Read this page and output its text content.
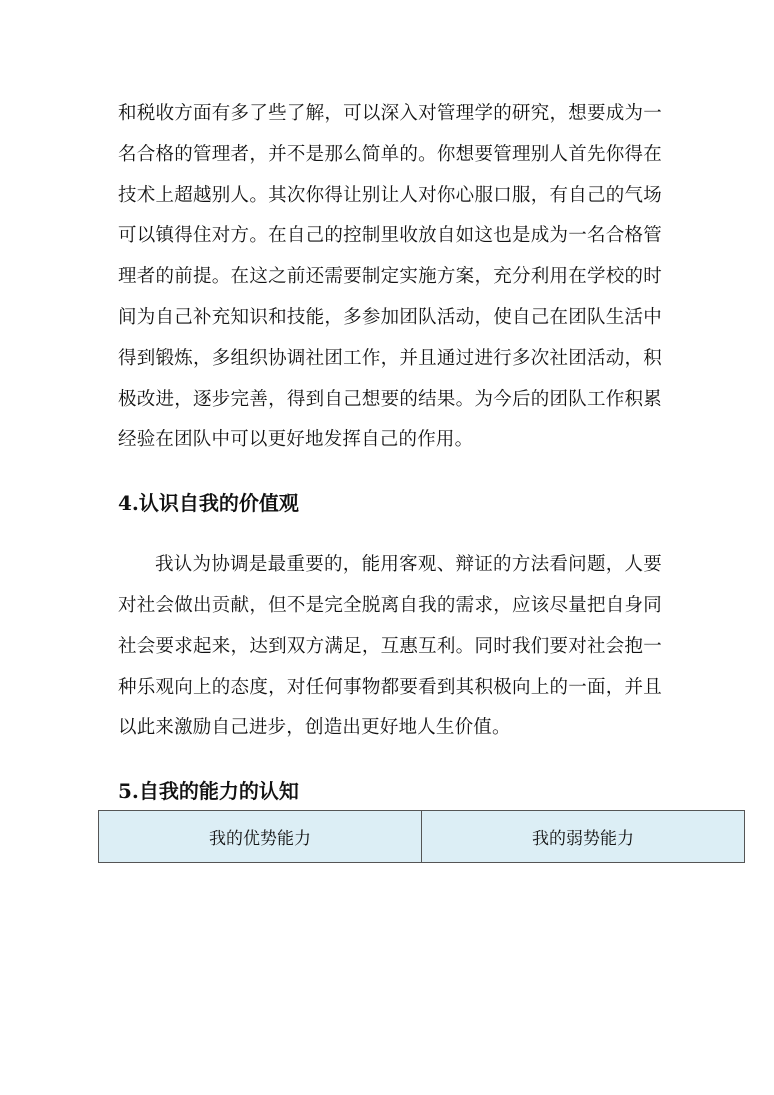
和税收方面有多了些了解，可以深入对管理学的研究，想要成为一名合格的管理者，并不是那么简单的。你想要管理别人首先你得在技术上超越别人。其次你得让别让人对你心服口服，有自己的气场可以镇得住对方。在自己的控制里收放自如这也是成为一名合格管理者的前提。在这之前还需要制定实施方案，充分利用在学校的时间为自己补充知识和技能，多参加团队活动，使自己在团队生活中得到锻炼，多组织协调社团工作，并且通过进行多次社团活动，积极改进，逐步完善，得到自己想要的结果。为今后的团队工作积累经验在团队中可以更好地发挥自己的作用。

4.认识自我的价值观

我认为协调是最重要的，能用客观、辩证的方法看问题，人要对社会做出贡献，但不是完全脱离自我的需求，应该尽量把自身同社会要求起来，达到双方满足，互惠互利。同时我们要对社会抱一种乐观向上的态度，对任何事物都要看到其积极向上的一面，并且以此来激励自己进步，创造出更好地人生价值。

5.自我的能力的认知
我的优势能力	我的弱势能力
